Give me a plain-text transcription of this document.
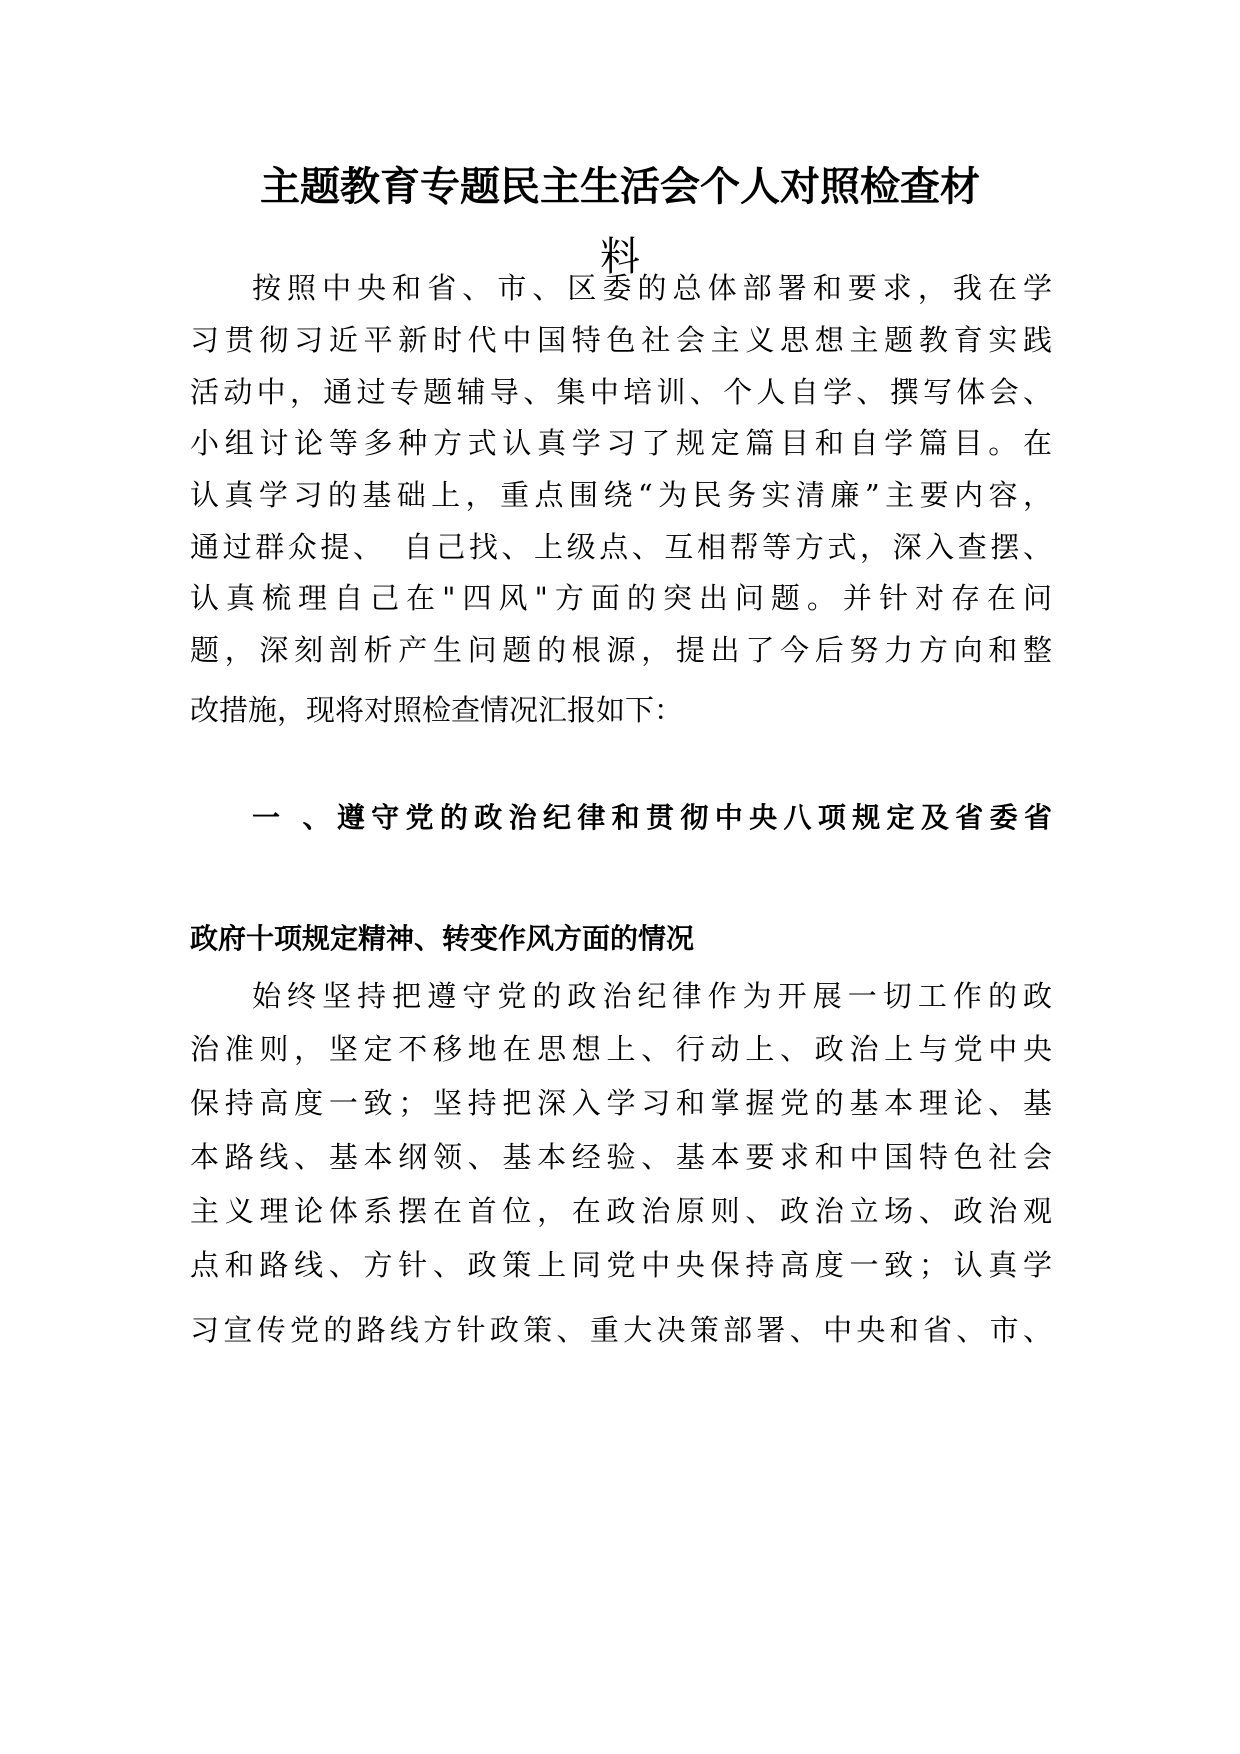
主题教育专题民主生活会个人对照检查材
料
按照中央和省、市、区委的总体部署和要求，我在学
习贯彻习近平新时代中国特色社会主义思想主题教育实践
活动中，通过专题辅导、集中培训、个人自学、撰写体会、
小组讨论等多种方式认真学习了规定篇目和自学篇目。在
认真学习的基础上，重点围绕“为民务实清廉”主要内容，
通过群众提、　自己找、上级点、互相帮等方式，深入查摆、
认真梳理自己在"四风"方面的突出问题。并针对存在问
题，深刻剖析产生问题的根源，提出了今后努力方向和整
改措施，现将对照检查情况汇报如下：
一 、遵守党的政治纪律和贯彻中央八项规定及省委省
政府十项规定精神、转变作风方面的情况
始终坚持把遵守党的政治纪律作为开展一切工作的政
治准则，坚定不移地在思想上、行动上、政治上与党中央
保持高度一致；坚持把深入学习和掌握党的基本理论、基
本路线、基本纲领、基本经验、基本要求和中国特色社会
主义理论体系摆在首位，在政治原则、政治立场、政治观
点和路线、方针、政策上同党中央保持高度一致；认真学
习宣传党的路线方针政策、重大决策部署、中央和省、市、
